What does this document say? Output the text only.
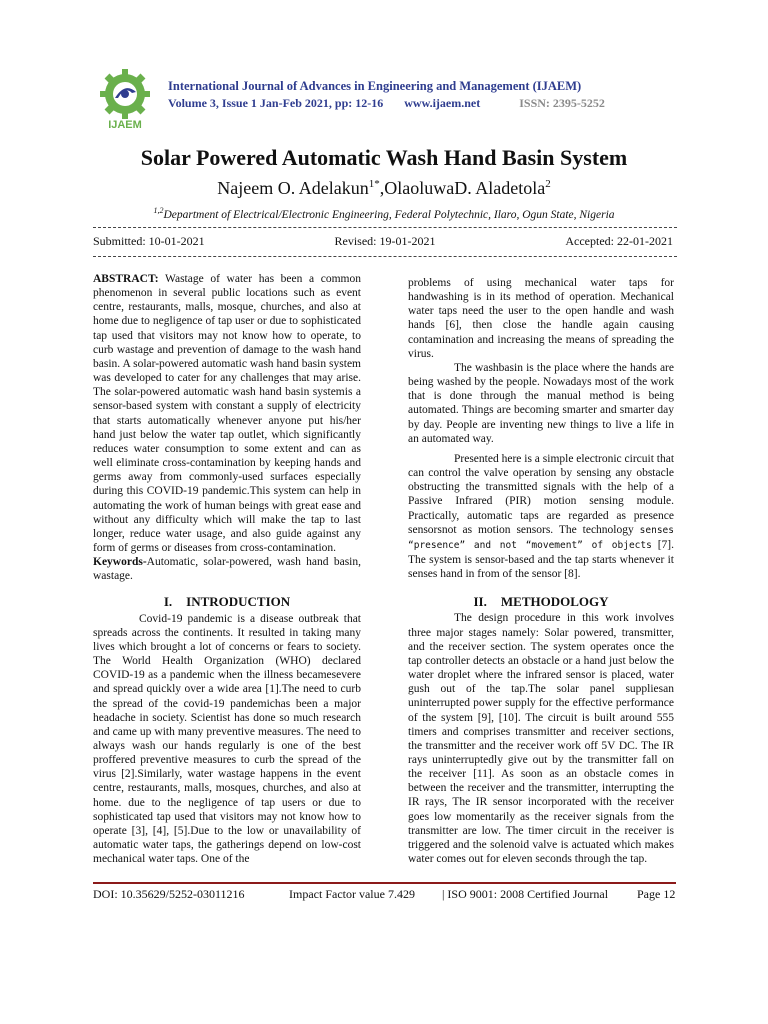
IJAEM
International Journal of Advances in Engineering and Management (IJAEM)
Volume 3, Issue 1 Jan-Feb 2021, pp: 12-16 www.ijaem.net	ISSN: 2395-5252
Solar Powered Automatic Wash Hand Basin System
Najeem O. Adelakun$^{1*}$,OlaoluwaD. Aladetola$^2$
$^{1,2}$Department of Electrical/Electronic Engineering, Federal Polytechnic, Ilaro, Ogun State, Nigeria
Submitted: 10-01-2021	Revised: 19-01-2021	Accepted: 22-01-2021

ABSTRACT: Wastage of water has been a common phenomenon in several public locations such as event centre, restaurants, malls, mosque, churches, and also at home due to negligence of tap user or due to sophisticated tap used that visitors may not know how to operate, to curb wastage and prevention of damage to the wash hand basin. A solar-powered automatic wash hand basin system was developed to cater for any challenges that may arise. The solar-powered automatic wash hand basin systemis a sensor-based system with constant a supply of electricity that starts automatically whenever anyone put his/her hand just below the water tap outlet, which significantly reduces water consumption to some extent and can as well eliminate cross-contamination by keeping hands and germs away from commonly-used surfaces especially during this COVID-19 pandemic.This system can help in automating the work of human beings with great ease and without any difficulty which will make the tap to last longer, reduce water usage, and also guide against any form of germs or diseases from cross-contamination.

Keywords-Automatic, solar-powered, wash hand basin, wastage.

I. INTRODUCTION

Covid-19 pandemic is a disease outbreak that spreads across the continents. It resulted in taking many lives which brought a lot of concerns or fears to society. The World Health Organization (WHO) declared COVID-19 as a pandemic when the illness becamesevere and spread quickly over a wide area [1].The need to curb the spread of the covid-19 pandemichas been a major headache in society. Scientist has done so much research and came up with many preventive measures. The need to always wash our hands regularly is one of the best proffered preventive measures to curb the spread of the virus [2].Similarly, water wastage happens in the event centre, restaurants, malls, mosques, churches, and also at home. due to the negligence of tap users or due to sophisticated tap used that visitors may not know how to operate [3], [4], [5].Due to the low or unavailability of automatic water taps, the gatherings depend on low-cost mechanical water taps. One of the

problems of using mechanical water taps for handwashing is in its method of operation. Mechanical water taps need the user to the open handle and wash hands [6], then close the handle again causing contamination and increasing the means of spreading the virus.

The washbasin is the place where the hands are being washed by the people. Nowadays most of the work that is done through the manual method is being automated. Things are becoming smarter and smarter day by day. People are inventing new things to live a life in an automated way.

Presented here is a simple electronic circuit that can control the valve operation by sensing any obstacle obstructing the transmitted signals with the help of a Passive Infrared (PIR) motion sensing module. Practically, automatic taps are regarded as presence sensorsnot as motion sensors. The technology senses “presence” and not “movement” of objects [7]. The system is sensor-based and the tap starts whenever it senses hand in from of the sensor [8].

II. METHODOLOGY

The design procedure in this work involves three major stages namely: Solar powered, transmitter, and the receiver section. The system operates once the tap controller detects an obstacle or a hand just below the water droplet where the infrared sensor is placed, water gush out of the tap.The solar panel suppliesan uninterrupted power supply for the effective performance of the system [9], [10]. The circuit is built around 555 timers and comprises transmitter and receiver sections, the transmitter and the receiver work off 5V DC. The IR rays uninterruptedly give out by the transmitter fall on the receiver [11]. As soon as an obstacle comes in between the receiver and the transmitter, interrupting the IR rays, The IR sensor incorporated with the receiver goes low momentarily as the receiver signals from the transmitter are low. The timer circuit in the receiver is triggered and the solenoid valve is actuated which makes water comes out for eleven seconds through the tap.

DOI: 10.35629/5252-03011216	Impact Factor value 7.429 | ISO 9001: 2008 Certified Journal Page 12
